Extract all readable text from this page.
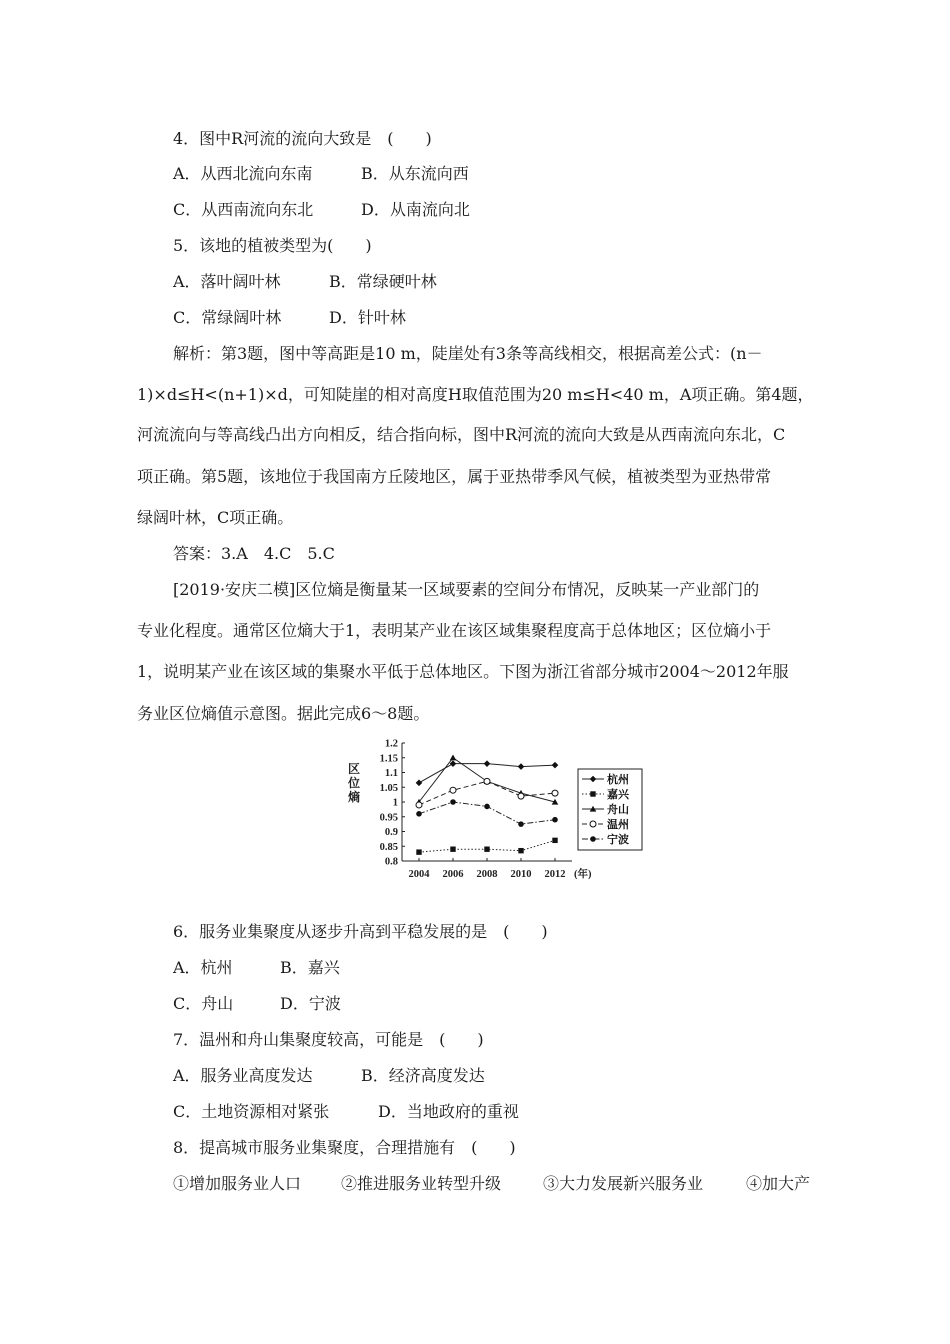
4．图中R河流的流向大致是　(　　)
A．从西北流向东南	B．从东流向西
C．从西南流向东北	D．从南流向北
5．该地的植被类型为(　　)
A．落叶阔叶林	B．常绿硬叶林
C．常绿阔叶林	D．针叶林
解析：第3题，图中等高距是10 m，陡崖处有3条等高线相交，根据高差公式：(n－
1)×d≤H<(n+1)×d，可知陡崖的相对高度H取值范围为20 m≤H<40 m，A项正确。第4题，
河流流向与等高线凸出方向相反，结合指向标，图中R河流的流向大致是从西南流向东北，C
项正确。第5题，该地位于我国南方丘陵地区，属于亚热带季风气候，植被类型为亚热带常
绿阔叶林，C项正确。
答案：3.A　4.C　5.C
[2019·安庆二模]区位熵是衡量某一区域要素的空间分布情况，反映某一产业部门的
专业化程度。通常区位熵大于1，表明某产业在该区域集聚程度高于总体地区；区位熵小于
1，说明某产业在该区域的集聚水平低于总体地区。下图为浙江省部分城市2004～2012年服
务业区位熵值示意图。据此完成6～8题。
1.2
1.15
1.1
1.05
1
0.95
0.9
0.85
0.8
2004 2006 2008 2010 2012 (年)
区
位
熵
杭州
嘉兴
舟山
温州
宁波
6．服务业集聚度从逐步升高到平稳发展的是　(　　)
A．杭州	B．嘉兴
C．舟山	D．宁波
7．温州和舟山集聚度较高，可能是　(　　)
A．服务业高度发达	B．经济高度发达
C．土地资源相对紧张	D．当地政府的重视
8．提高城市服务业集聚度，合理措施有　(　　)
①增加服务业人口 ②推进服务业转型升级	③大力发展新兴服务业	④加大产
